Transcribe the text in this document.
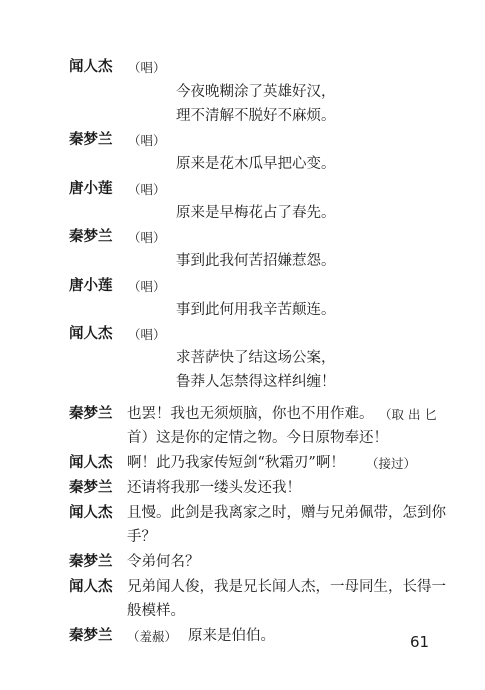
闻人杰 （唱）
今夜晚糊涂了英雄好汉，
理不清解不脱好不麻烦。
秦梦兰 （唱）
原来是花木瓜早把心变。
唐小莲 （唱）
原来是早梅花占了春先。
秦梦兰 （唱）
事到此我何苦招嫌惹怨。
唐小莲 （唱）
事到此何用我辛苦颠连。
闻人杰 （唱）
求菩萨快了结这场公案，
鲁莽人怎禁得这样纠缠！
秦梦兰 也罢！我也无须烦脑，你也不用作难。 （取 出 匕
首）这是你的定情之物。今日原物奉还！
闻人杰 啊！此乃我家传短剑“秋霜刃”啊！ （接过）
秦梦兰 还请将我那一缕头发还我！
闻人杰 且慢。此剑是我离家之时，赠与兄弟佩带，怎到你
手？
秦梦兰 令弟何名？
闻人杰 兄弟闻人俊，我是兄长闻人杰，一母同生，长得一
般模样。
秦梦兰 （羞赧） 原来是伯伯。	61
